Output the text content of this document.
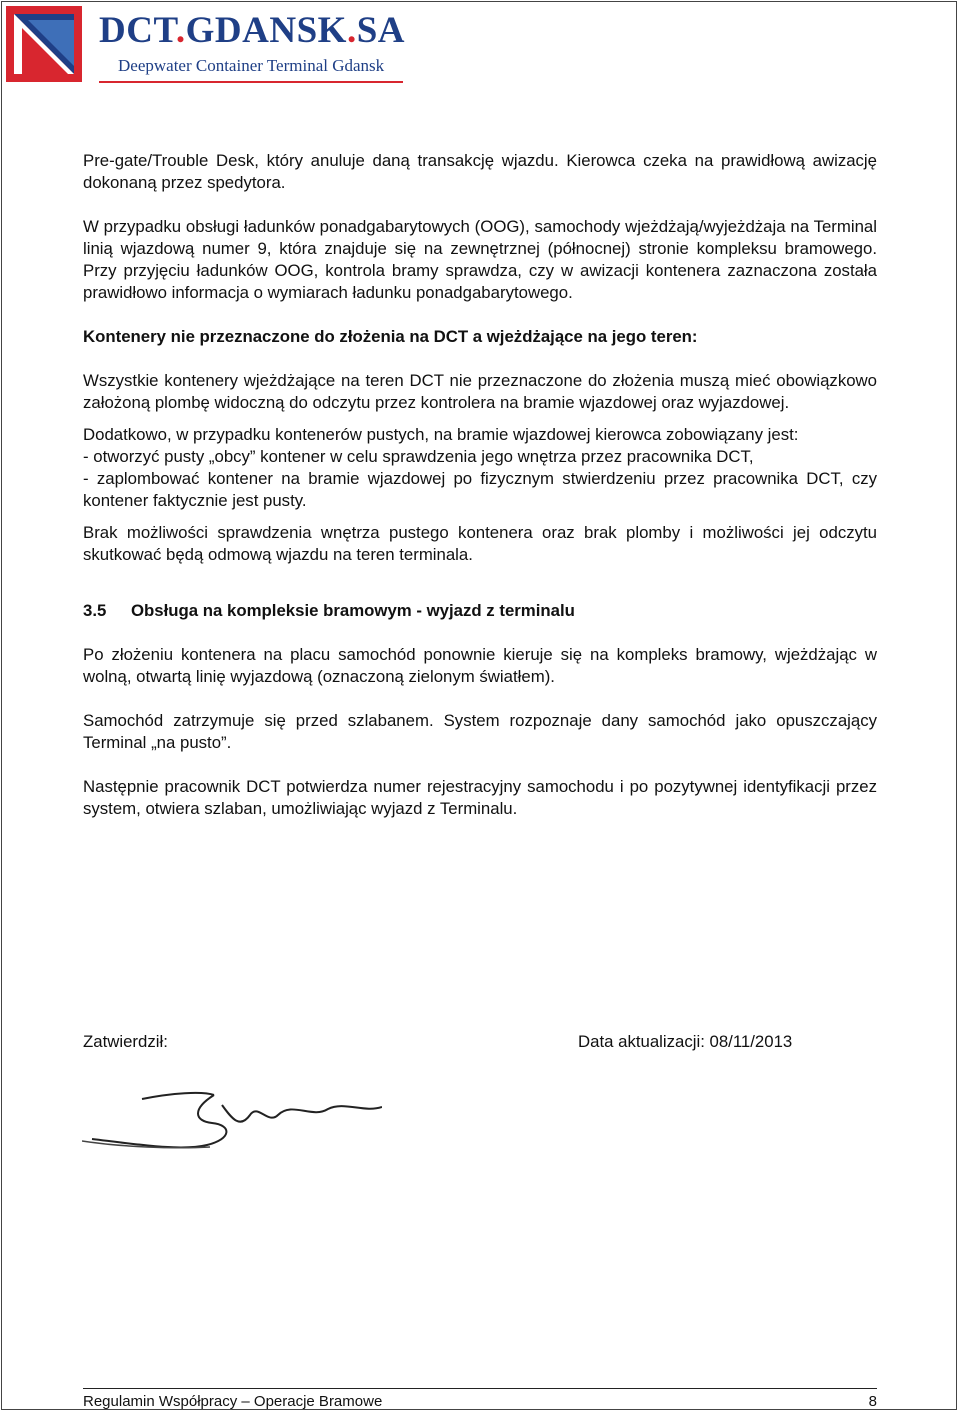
DCT.GDANSK.SA
Deepwater Container Terminal Gdansk

Pre-gate/Trouble Desk, który anuluje daną transakcję wjazdu. Kierowca czeka na prawidłową awizację dokonaną przez spedytora.

W przypadku obsługi ładunków ponadgabarytowych (OOG), samochody wjeżdżają/wyjeżdżaja na Terminal linią wjazdową numer 9, która znajduje się na zewnętrznej (północnej) stronie kompleksu bramowego. Przy przyjęciu ładunków OOG, kontrola bramy sprawdza, czy w awizacji kontenera zaznaczona została prawidłowo informacja o wymiarach ładunku ponadgabarytowego.

Kontenery nie przeznaczone do złożenia na DCT a wjeżdżające na jego teren:

Wszystkie kontenery wjeżdżające na teren DCT nie przeznaczone do złożenia muszą mieć obowiązkowo założoną plombę widoczną do odczytu przez kontrolera na bramie wjazdowej oraz wyjazdowej.

Dodatkowo, w przypadku kontenerów pustych, na bramie wjazdowej kierowca zobowiązany jest:

- otworzyć pusty „obcy” kontener w celu sprawdzenia jego wnętrza przez pracownika DCT,

- zaplombować kontener na bramie wjazdowej po fizycznym stwierdzeniu przez pracownika DCT, czy kontener faktycznie jest pusty.

Brak możliwości sprawdzenia wnętrza pustego kontenera oraz brak plomby i możliwości jej odczytu skutkować będą odmową wjazdu na teren terminala.

3.5	Obsługa na kompleksie bramowym - wyjazd z terminalu

Po złożeniu kontenera na placu samochód ponownie kieruje się na kompleks bramowy, wjeżdżając w wolną, otwartą linię wyjazdową (oznaczoną zielonym światłem).

Samochód zatrzymuje się przed szlabanem. System rozpoznaje dany samochód jako opuszczający Terminal „na pusto”.

Następnie pracownik DCT potwierdza numer rejestracyjny samochodu i po pozytywnej identyfikacji przez system, otwiera szlaban, umożliwiając wyjazd z Terminalu.

Zatwierdził:	Data aktualizacji: 08/11/2013
Regulamin Współpracy – Operacje Bramowe	8
